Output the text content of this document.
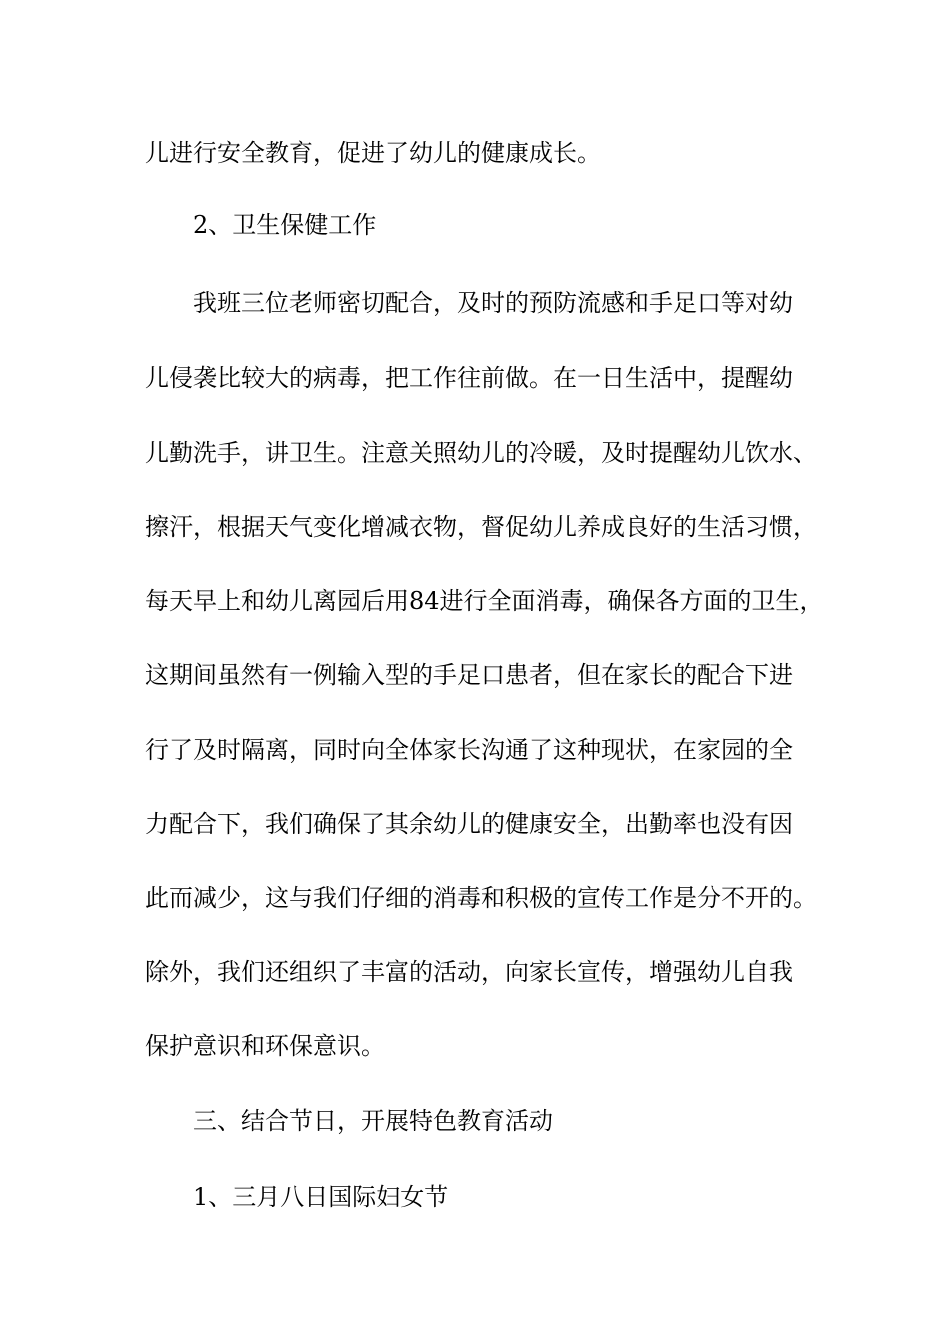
儿进行安全教育，促进了幼儿的健康成长。
2、卫生保健工作
我班三位老师密切配合，及时的预防流感和手足口等对幼
儿侵袭比较大的病毒，把工作往前做。在一日生活中，提醒幼
儿勤洗手，讲卫生。注意关照幼儿的冷暖，及时提醒幼儿饮水、
擦汗，根据天气变化增减衣物，督促幼儿养成良好的生活习惯，
每天早上和幼儿离园后用84进行全面消毒，确保各方面的卫生，
这期间虽然有一例输入型的手足口患者，但在家长的配合下进
行了及时隔离，同时向全体家长沟通了这种现状，在家园的全
力配合下，我们确保了其余幼儿的健康安全，出勤率也没有因
此而减少，这与我们仔细的消毒和积极的宣传工作是分不开的。
除外，我们还组织了丰富的活动，向家长宣传，增强幼儿自我
保护意识和环保意识。
三、结合节日，开展特色教育活动
1、三月八日国际妇女节
